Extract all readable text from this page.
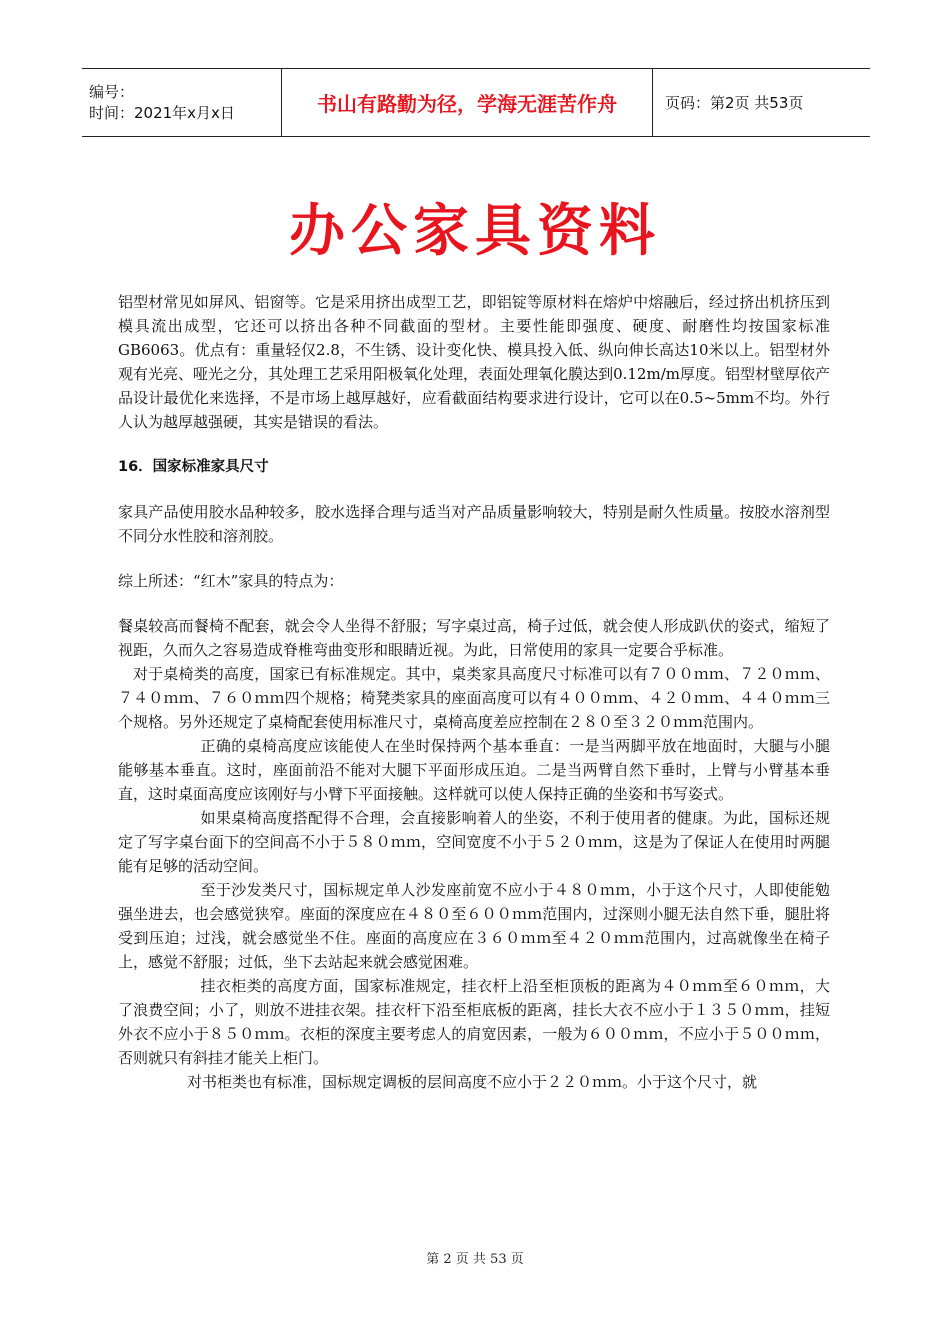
编号：
时间：2021年x月x日	书山有路勤为径，学海无涯苦作舟	页码：第2页 共53页
办公家具资料

铝型材常见如屏风、铝窗等。它是采用挤出成型工艺，即铝锭等原材料在熔炉中熔融后，经过挤出机挤压到模具流出成型，它还可以挤出各种不同截面的型材。主要性能即强度、硬度、耐磨性均按国家标准GB6063。优点有：重量轻仅2.8，不生锈、设计变化快、模具投入低、纵向伸长高达10米以上。铝型材外观有光亮、哑光之分，其处理工艺采用阳极氧化处理，表面处理氧化膜达到0.12m/m厚度。铝型材壁厚依产品设计最优化来选择，不是市场上越厚越好，应看截面结构要求进行设计，它可以在0.5~5mm不均。外行人认为越厚越强硬，其实是错误的看法。

16．国家标准家具尺寸

家具产品使用胶水品种较多，胶水选择合理与适当对产品质量影响较大，特别是耐久性质量。按胶水溶剂型不同分水性胶和溶剂胶。

综上所述：“红木”家具的特点为：

餐桌较高而餐椅不配套，就会令人坐得不舒服；写字桌过高，椅子过低，就会使人形成趴伏的姿式，缩短了视距，久而久之容易造成脊椎弯曲变形和眼睛近视。为此，日常使用的家具一定要合乎标准。

对于桌椅类的高度，国家已有标准规定。其中，桌类家具高度尺寸标准可以有７００ｍｍ、７２０ｍｍ、７４０ｍｍ、７６０ｍｍ四个规格；椅凳类家具的座面高度可以有４００ｍｍ、４２０ｍｍ、４４０ｍｍ三个规格。另外还规定了桌椅配套使用标准尺寸，桌椅高度差应控制在２８０至３２０ｍｍ范围内。

正确的桌椅高度应该能使人在坐时保持两个基本垂直：一是当两脚平放在地面时，大腿与小腿能够基本垂直。这时，座面前沿不能对大腿下平面形成压迫。二是当两臂自然下垂时，上臂与小臂基本垂直，这时桌面高度应该刚好与小臂下平面接触。这样就可以使人保持正确的坐姿和书写姿式。

如果桌椅高度搭配得不合理，会直接影响着人的坐姿，不利于使用者的健康。为此，国标还规定了写字桌台面下的空间高不小于５８０ｍｍ，空间宽度不小于５２０ｍｍ，这是为了保证人在使用时两腿能有足够的活动空间。

至于沙发类尺寸，国标规定单人沙发座前宽不应小于４８０ｍｍ，小于这个尺寸，人即使能勉强坐进去，也会感觉狭窄。座面的深度应在４８０至６００ｍｍ范围内，过深则小腿无法自然下垂，腿肚将受到压迫；过浅，就会感觉坐不住。座面的高度应在３６０ｍｍ至４２０ｍｍ范围内，过高就像坐在椅子上，感觉不舒服；过低，坐下去站起来就会感觉困难。

挂衣柜类的高度方面，国家标准规定，挂衣杆上沿至柜顶板的距离为４０ｍｍ至６０ｍｍ，大了浪费空间；小了，则放不进挂衣架。挂衣杆下沿至柜底板的距离，挂长大衣不应小于１３５０ｍｍ，挂短外衣不应小于８５０ｍｍ。衣柜的深度主要考虑人的肩宽因素，一般为６００ｍｍ，不应小于５００ｍｍ，否则就只有斜挂才能关上柜门。

对书柜类也有标准，国标规定调板的层间高度不应小于２２０ｍｍ。小于这个尺寸，就

第 2 页 共 53 页
